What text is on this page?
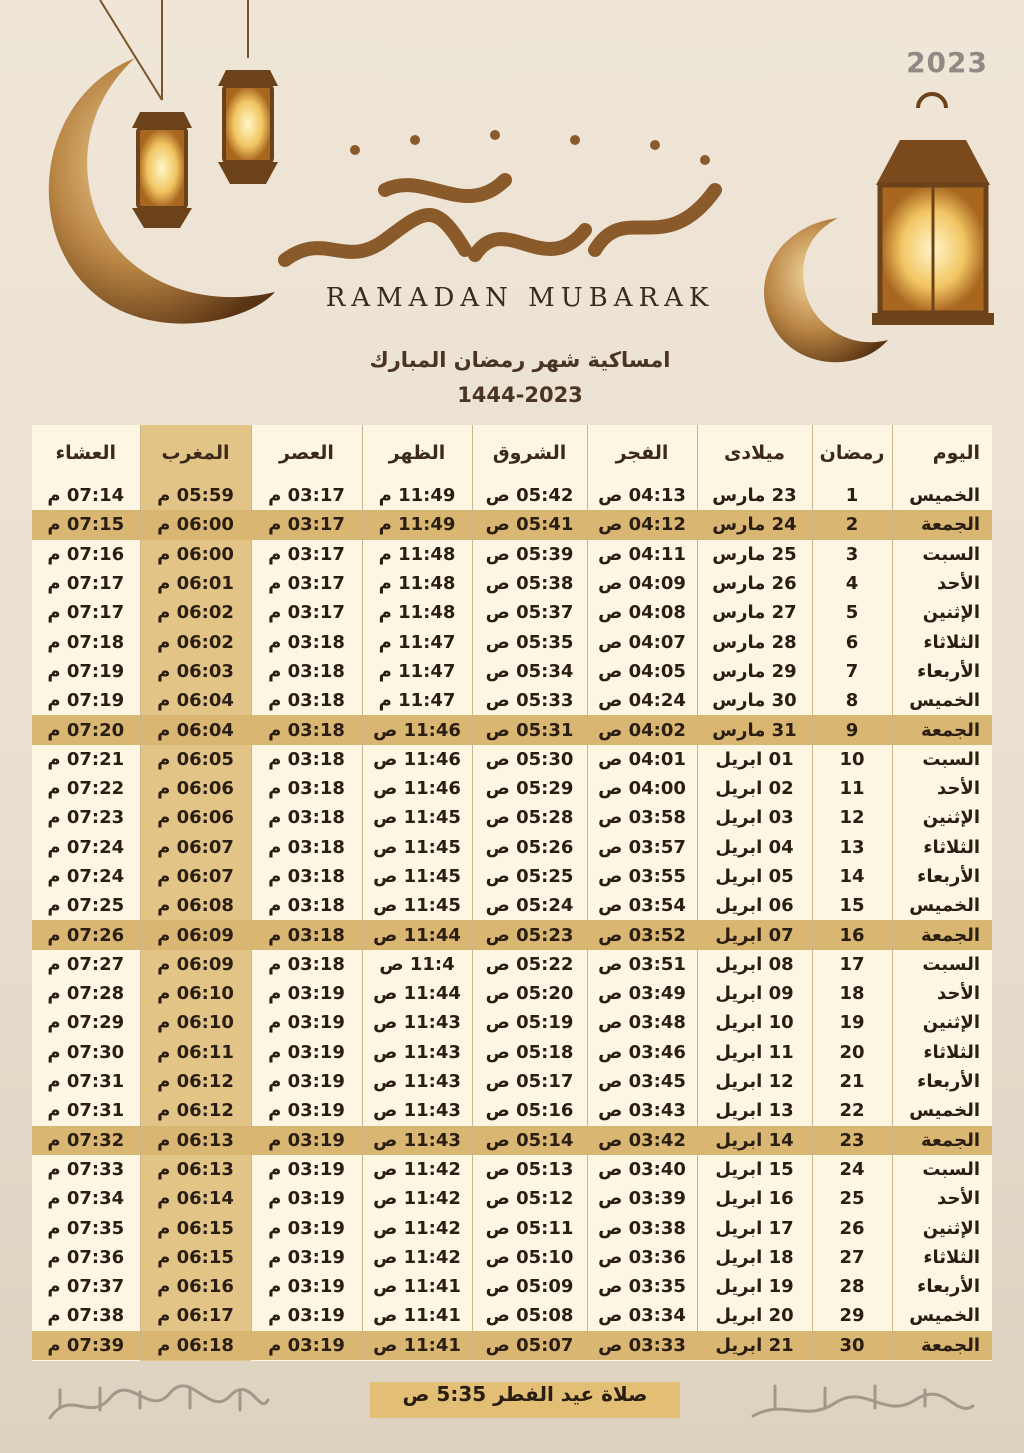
2023
RAMADAN MUBARAK
امساكية شهر رمضان المبارك
1444-2023
اليوم	رمضان	ميلادى	الفجر	الشروق	الظهر	العصر	المغرب	العشاء
الخميس	1	23 مارس	04:13 ص	05:42 ص	11:49 م	03:17 م	05:59 م	07:14 م
الجمعة	2	24 مارس	04:12 ص	05:41 ص	11:49 م	03:17 م	06:00 م	07:15 م
السبت	3	25 مارس	04:11 ص	05:39 ص	11:48 م	03:17 م	06:00 م	07:16 م
الأحد	4	26 مارس	04:09 ص	05:38 ص	11:48 م	03:17 م	06:01 م	07:17 م
الإثنين	5	27 مارس	04:08 ص	05:37 ص	11:48 م	03:17 م	06:02 م	07:17 م
الثلاثاء	6	28 مارس	04:07 ص	05:35 ص	11:47 م	03:18 م	06:02 م	07:18 م
الأربعاء	7	29 مارس	04:05 ص	05:34 ص	11:47 م	03:18 م	06:03 م	07:19 م
الخميس	8	30 مارس	04:24 ص	05:33 ص	11:47 م	03:18 م	06:04 م	07:19 م
الجمعة	9	31 مارس	04:02 ص	05:31 ص	11:46 ص	03:18 م	06:04 م	07:20 م
السبت	10	01 ابريل	04:01 ص	05:30 ص	11:46 ص	03:18 م	06:05 م	07:21 م
الأحد	11	02 ابريل	04:00 ص	05:29 ص	11:46 ص	03:18 م	06:06 م	07:22 م
الإثنين	12	03 ابريل	03:58 ص	05:28 ص	11:45 ص	03:18 م	06:06 م	07:23 م
الثلاثاء	13	04 ابريل	03:57 ص	05:26 ص	11:45 ص	03:18 م	06:07 م	07:24 م
الأربعاء	14	05 ابريل	03:55 ص	05:25 ص	11:45 ص	03:18 م	06:07 م	07:24 م
الخميس	15	06 ابريل	03:54 ص	05:24 ص	11:45 ص	03:18 م	06:08 م	07:25 م
الجمعة	16	07 ابريل	03:52 ص	05:23 ص	11:44 ص	03:18 م	06:09 م	07:26 م
السبت	17	08 ابريل	03:51 ص	05:22 ص	11:4 ص	03:18 م	06:09 م	07:27 م
الأحد	18	09 ابريل	03:49 ص	05:20 ص	11:44 ص	03:19 م	06:10 م	07:28 م
الإثنين	19	10 ابريل	03:48 ص	05:19 ص	11:43 ص	03:19 م	06:10 م	07:29 م
الثلاثاء	20	11 ابريل	03:46 ص	05:18 ص	11:43 ص	03:19 م	06:11 م	07:30 م
الأربعاء	21	12 ابريل	03:45 ص	05:17 ص	11:43 ص	03:19 م	06:12 م	07:31 م
الخميس	22	13 ابريل	03:43 ص	05:16 ص	11:43 ص	03:19 م	06:12 م	07:31 م
الجمعة	23	14 ابريل	03:42 ص	05:14 ص	11:43 ص	03:19 م	06:13 م	07:32 م
السبت	24	15 ابريل	03:40 ص	05:13 ص	11:42 ص	03:19 م	06:13 م	07:33 م
الأحد	25	16 ابريل	03:39 ص	05:12 ص	11:42 ص	03:19 م	06:14 م	07:34 م
الإثنين	26	17 ابريل	03:38 ص	05:11 ص	11:42 ص	03:19 م	06:15 م	07:35 م
الثلاثاء	27	18 ابريل	03:36 ص	05:10 ص	11:42 ص	03:19 م	06:15 م	07:36 م
الأربعاء	28	19 ابريل	03:35 ص	05:09 ص	11:41 ص	03:19 م	06:16 م	07:37 م
الخميس	29	20 ابريل	03:34 ص	05:08 ص	11:41 ص	03:19 م	06:17 م	07:38 م
الجمعة	30	21 ابريل	03:33 ص	05:07 ص	11:41 ص	03:19 م	06:18 م	07:39 م
صلاة عيد الفطر 5:35 ص
